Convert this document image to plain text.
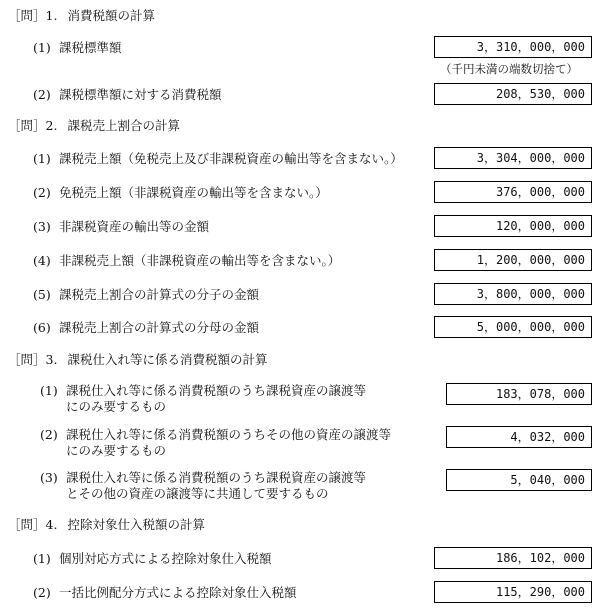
［問］1. 消費税額の計算
(1) 課税標準額	3，310，000，000
（千円未満の端数切捨て）
(2) 課税標準額に対する消費税額	208，530，000
［問］2. 課税売上割合の計算
(1) 課税売上額（免税売上及び非課税資産の輸出等を含まない。）	3，304，000，000
(2) 免税売上額（非課税資産の輸出等を含まない。）	376，000，000
(3) 非課税資産の輸出等の金額	120，000，000
(4) 非課税売上額（非課税資産の輸出等を含まない。）	1，200，000，000
(5) 課税売上割合の計算式の分子の金額	3，800，000，000
(6) 課税売上割合の計算式の分母の金額	5，000，000，000
［問］3. 課税仕入れ等に係る消費税額の計算
(1) 課税仕入れ等に係る消費税額のうち課税資産の譲渡等
にのみ要するもの
183，078，000
(2) 課税仕入れ等に係る消費税額のうちその他の資産の譲渡等
にのみ要するもの
4，032，000
(3) 課税仕入れ等に係る消費税額のうち課税資産の譲渡等
とその他の資産の譲渡等に共通して要するもの
5，040，000
［問］4. 控除対象仕入税額の計算
(1) 個別対応方式による控除対象仕入税額	186，102，000
(2) 一括比例配分方式による控除対象仕入税額	115，290，000
